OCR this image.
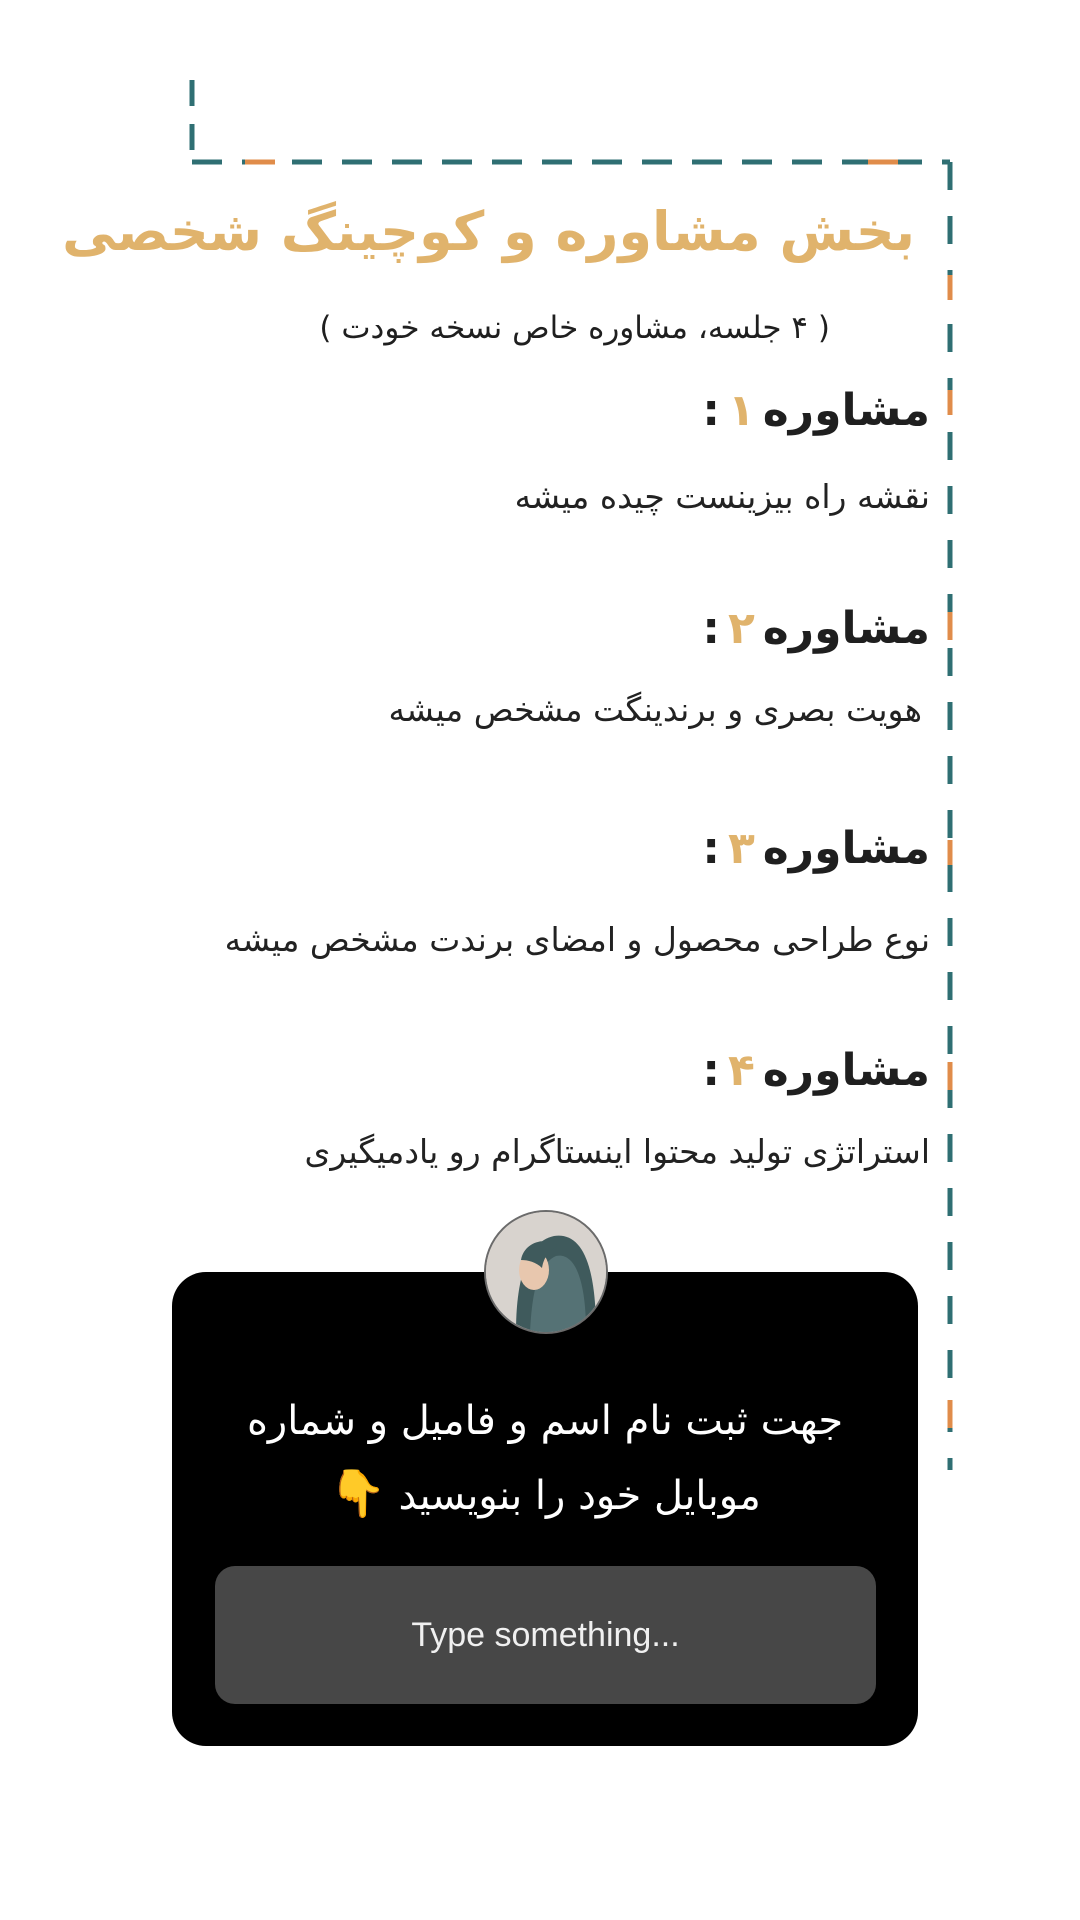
بخش مشاوره و کوچینگ شخصی
( ۴ جلسه، مشاوره خاص نسخه خودت )
مشاوره۱:
نقشه راه بیزینست چیده میشه
مشاوره۲:
هویت بصری و برندینگت مشخص میشه
مشاوره۳:
نوع طراحی محصول و امضای برندت مشخص میشه
مشاوره۴:
استراتژی تولید محتوا اینستاگرام رو یادمیگیری
جهت ثبت نام اسم و فامیل و شماره
موبایل خود را بنویسید👇
Type something...
